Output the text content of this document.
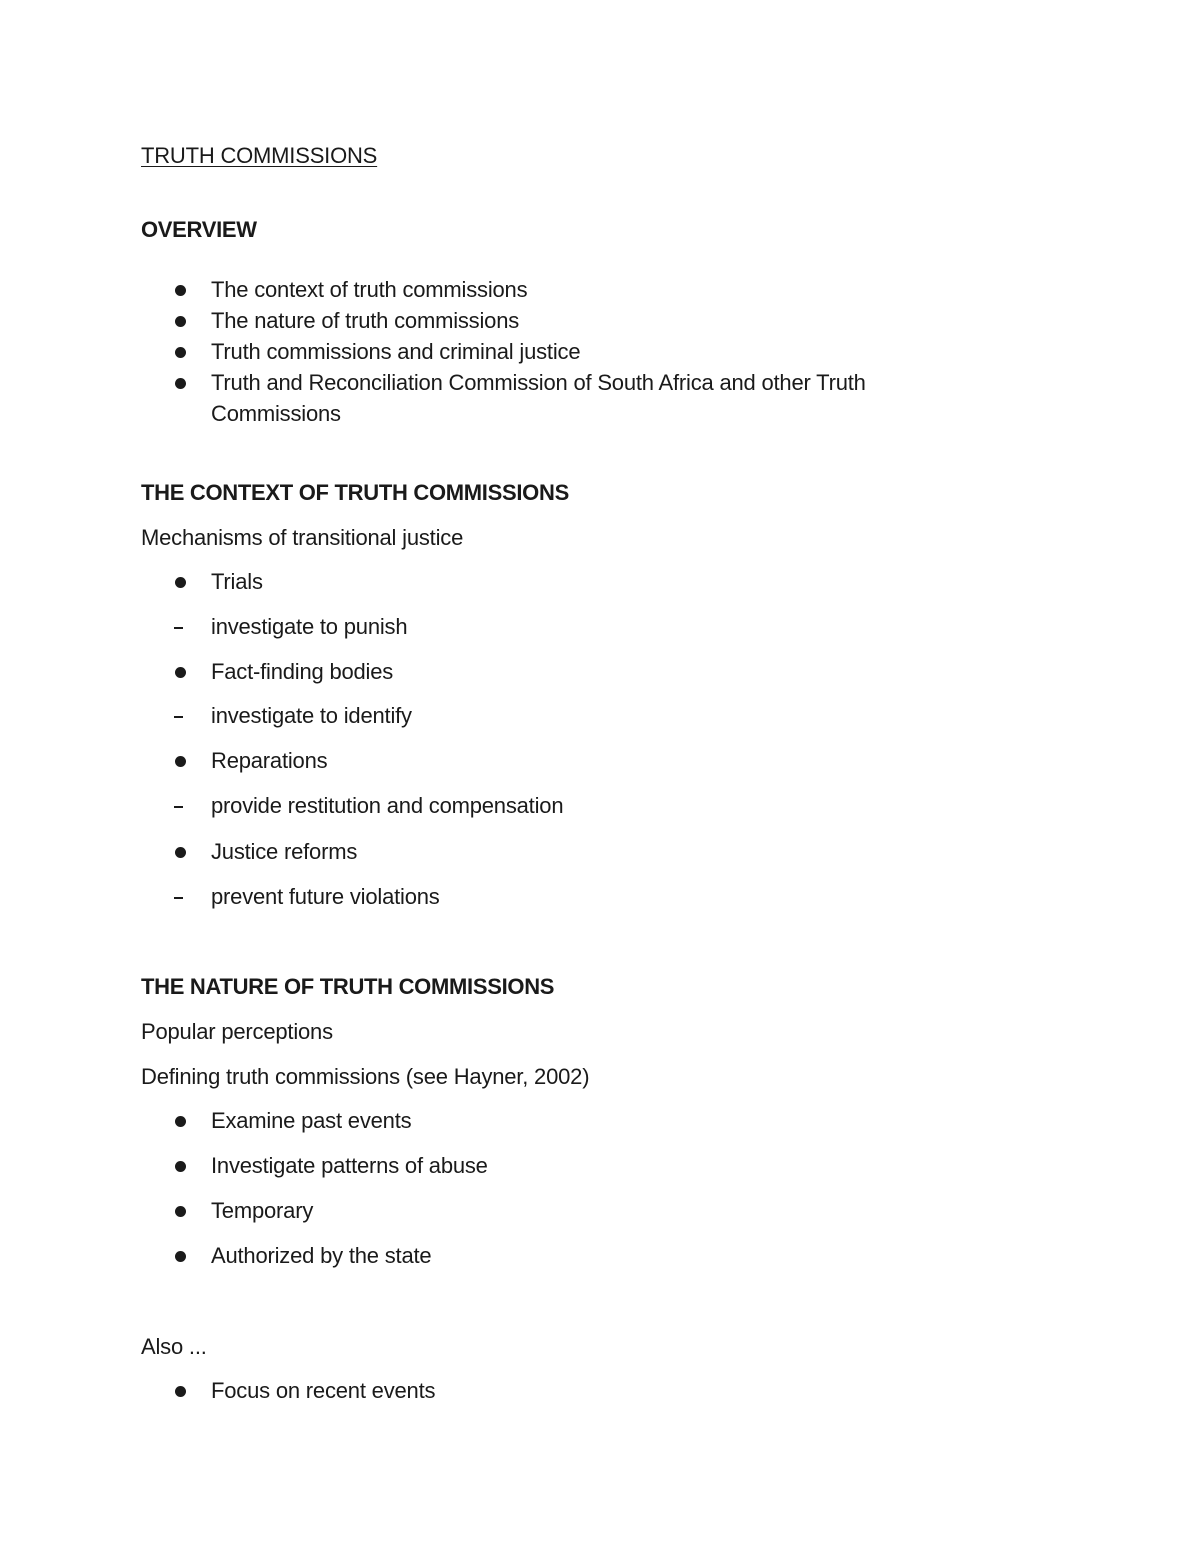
TRUTH COMMISSIONS
OVERVIEW
The context of truth commissions
The nature of truth commissions
Truth commissions and criminal justice
Truth and Reconciliation Commission of South Africa and other Truth Commissions
THE CONTEXT OF TRUTH COMMISSIONS
Mechanisms of transitional justice
Trials
investigate to punish
Fact-finding bodies
investigate to identify
Reparations
provide restitution and compensation
Justice reforms
prevent future violations
THE NATURE OF TRUTH COMMISSIONS
Popular perceptions
Defining truth commissions (see Hayner, 2002)
Examine past events
Investigate patterns of abuse
Temporary
Authorized by the state
Also ...
Focus on recent events
